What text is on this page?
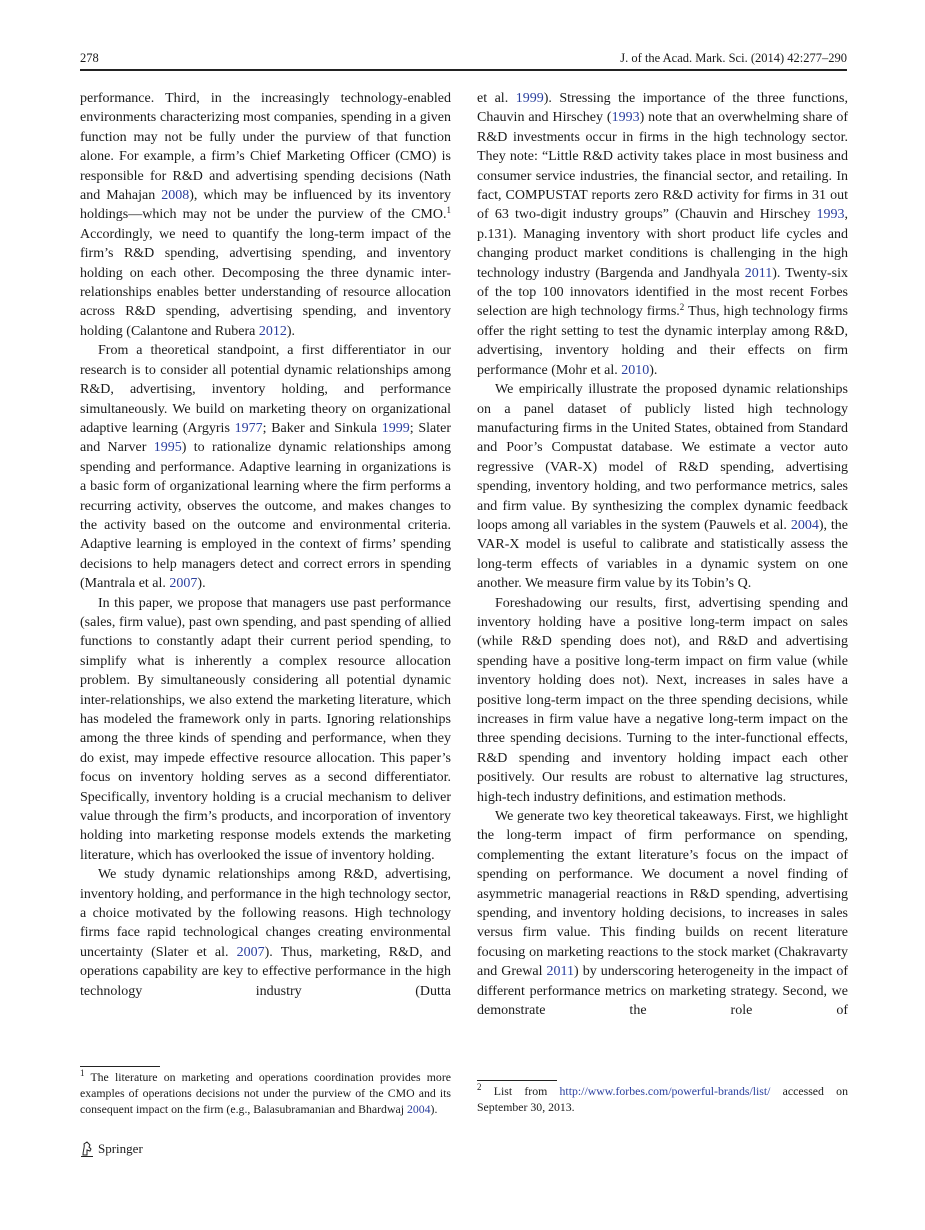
278	J. of the Acad. Mark. Sci. (2014) 42:277–290

performance. Third, in the increasingly technology-enabled environments characterizing most companies, spending in a given function may not be fully under the purview of that function alone. For example, a firm’s Chief Marketing Officer (CMO) is responsible for R&D and advertising spending decisions (Nath and Mahajan 2008), which may be influenced by its inventory holdings—which may not be under the purview of the CMO.$^1$ Accordingly, we need to quantify the long-term impact of the firm’s R&D spending, advertising spending, and inventory holding on each other. Decomposing the three dynamic inter-relationships enables better understanding of resource allocation across R&D spending, advertising spending, and inventory holding (Calantone and Rubera 2012).

From a theoretical standpoint, a first differentiator in our research is to consider all potential dynamic relationships among R&D, advertising, inventory holding, and performance simultaneously. We build on marketing theory on organizational adaptive learning (Argyris 1977; Baker and Sinkula 1999; Slater and Narver 1995) to rationalize dynamic relationships among spending and performance. Adaptive learning in organizations is a basic form of organizational learning where the firm performs a recurring activity, observes the outcome, and makes changes to the activity based on the outcome and environmental criteria. Adaptive learning is employed in the context of firms’ spending decisions to help managers detect and correct errors in spending (Mantrala et al. 2007).

In this paper, we propose that managers use past performance (sales, firm value), past own spending, and past spending of allied functions to constantly adapt their current period spending, to simplify what is inherently a complex resource allocation problem. By simultaneously considering all potential dynamic inter-relationships, we also extend the marketing literature, which has modeled the framework only in parts. Ignoring relationships among the three kinds of spending and performance, when they do exist, may impede effective resource allocation. This paper’s focus on inventory holding serves as a second differentiator. Specifically, inventory holding is a crucial mechanism to deliver value through the firm’s products, and incorporation of inventory holding into marketing response models extends the marketing literature, which has overlooked the issue of inventory holding.

We study dynamic relationships among R&D, advertising, inventory holding, and performance in the high technology sector, a choice motivated by the following reasons. High technology firms face rapid technological changes creating environmental uncertainty (Slater et al. 2007). Thus, marketing, R&D, and operations capability are key to effective performance in the high technology industry (Dutta

et al. 1999). Stressing the importance of the three functions, Chauvin and Hirschey (1993) note that an overwhelming share of R&D investments occur in firms in the high technology sector. They note: “Little R&D activity takes place in most business and consumer service industries, the financial sector, and retailing. In fact, COMPUSTAT reports zero R&D activity for firms in 31 out of 63 two-digit industry groups” (Chauvin and Hirschey 1993, p.131). Managing inventory with short product life cycles and changing product market conditions is challenging in the high technology industry (Bargenda and Jandhyala 2011). Twenty-six of the top 100 innovators identified in the most recent Forbes selection are high technology firms.$^2$ Thus, high technology firms offer the right setting to test the dynamic interplay among R&D, advertising, inventory holding and their effects on firm performance (Mohr et al. 2010).

We empirically illustrate the proposed dynamic relationships on a panel dataset of publicly listed high technology manufacturing firms in the United States, obtained from Standard and Poor’s Compustat database. We estimate a vector auto regressive (VAR-X) model of R&D spending, advertising spending, inventory holding, and two performance metrics, sales and firm value. By synthesizing the complex dynamic feedback loops among all variables in the system (Pauwels et al. 2004), the VAR-X model is useful to calibrate and statistically assess the long-term effects of variables in a dynamic system on one another. We measure firm value by its Tobin’s Q.

Foreshadowing our results, first, advertising spending and inventory holding have a positive long-term impact on sales (while R&D spending does not), and R&D and advertising spending have a positive long-term impact on firm value (while inventory holding does not). Next, increases in sales have a positive long-term impact on the three spending decisions, while increases in firm value have a negative long-term impact on the three spending decisions. Turning to the inter-functional effects, R&D spending and inventory holding impact each other positively. Our results are robust to alternative lag structures, high-tech industry definitions, and estimation methods.

We generate two key theoretical takeaways. First, we highlight the long-term impact of firm performance on spending, complementing the extant literature’s focus on the impact of spending on performance. We document a novel finding of asymmetric managerial reactions in R&D spending, advertising spending, and inventory holding decisions, to increases in sales versus firm value. This finding builds on recent literature focusing on marketing reactions to the stock market (Chakravarty and Grewal 2011) by underscoring heterogeneity in the impact of different performance metrics on marketing strategy. Second, we demonstrate the role of

$^1$ The literature on marketing and operations coordination provides more examples of operations decisions not under the purview of the CMO and its consequent impact on the firm (e.g., Balasubramanian and Bhardwaj 2004).

$^2$ List from http://www.forbes.com/powerful-brands/list/ accessed on September 30, 2013.

Springer
